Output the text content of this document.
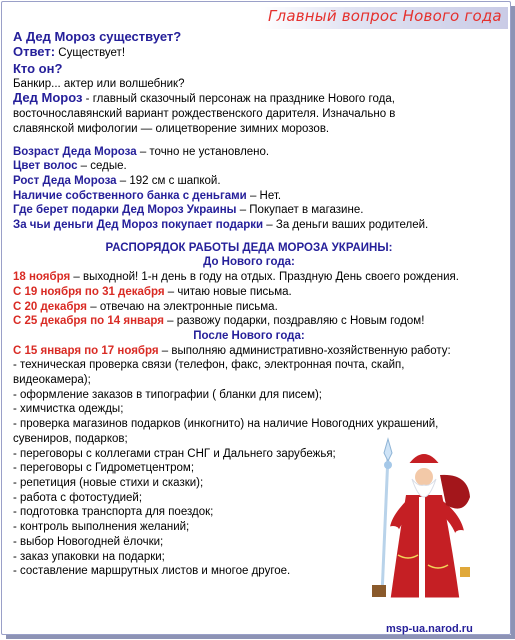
Главный вопрос Нового года
А Дед Мороз существует?
Ответ: Существует!
Кто он?
Банкир... актер или волшебник?
Дед Мороз - главный сказочный персонаж на празднике Нового года,
восточнославянский вариант рождественского дарителя. Изначально в
славянской мифологии — олицетворение зимних морозов.
Возраст Деда Мороза – точно не установлено.
Цвет волос – седые.
Рост Деда Мороза – 192 см с шапкой.
Наличие собственного банка с деньгами – Нет.
Где берет подарки Дед Мороз Украины – Покупает в магазине.
За чьи деньги Дед Мороз покупает подарки – За деньги ваших родителей.
РАСПОРЯДОК РАБОТЫ ДЕДА МОРОЗА УКРАИНЫ:
До Нового года:
18 ноября – выходной! 1-н день в году на отдых. Праздную День своего рождения.
С 19 ноября по 31 декабря – читаю новые письма.
С 20 декабря – отвечаю на электронные письма.
С 25 декабря по 14 января – развожу подарки, поздравляю с Новым годом!
После Нового года:
С 15 января по 17 ноября – выполняю административно-хозяйственную работу:
- техническая проверка связи (телефон, факс, электронная почта, скайп,
видеокамера);
- оформление заказов в типографии ( бланки для писем);
- химчистка одежды;
- проверка магазинов подарков (инкогнито) на наличие Новогодних украшений,
сувениров, подарков;
- переговоры с коллегами стран СНГ и Дальнего зарубежья;
- переговоры с Гидрометцентром;
- репетиция (новые стихи и сказки);
- работа с фотостудией;
- подготовка транспорта для поездок;
- контроль выполнения желаний;
- выбор Новогодней ёлочки;
- заказ упаковки на подарки;
- составление маршрутных листов и многое другое.
msp-ua.narod.ru
